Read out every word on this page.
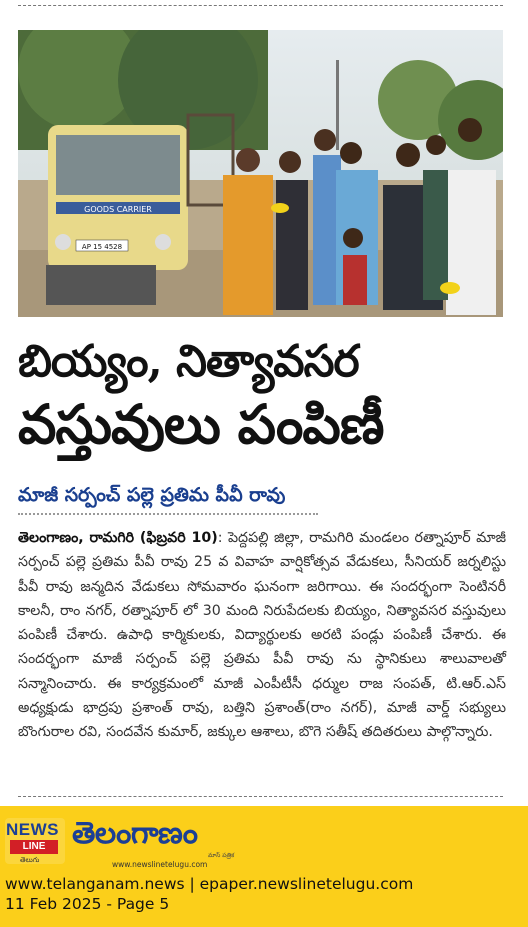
GOODS CARRIER
AP 15 4528
బియ్యం, నిత్యావసర
వస్తువులు పంపిణీ
మాజీ సర్పంచ్ పల్లె ప్రతిమ పీవీ రావు
తెలంగాణం, రామగిరి (ఫిబ్రవరి 10): పెద్దపల్లి జిల్లా, రామగిరి మండలం రత్నాపూర్ మాజీ సర్పంచ్ పల్లె ప్రతిమ పీవీ రావు 25 వ వివాహ వార్షికోత్సవ వేడుకలు, సీనియర్ జర్నలిస్టు పీవీ రావు జన్మదిన వేడుకలు సోమవారం ఘనంగా జరిగాయి. ఈ సందర్భంగా సెంటినరీ కాలనీ, రాం నగర్, రత్నాపూర్ లో 30 మంది నిరుపేదలకు బియ్యం, నిత్యావసర వస్తువులు పంపిణీ చేశారు. ఉపాధి కార్మికులకు, విద్యార్థులకు అరటి పండ్లు పంపిణీ చేశారు. ఈ సందర్భంగా మాజీ సర్పంచ్ పల్లె ప్రతిమ పీవీ రావు ను స్థానికులు శాలువాలతో సన్మానించారు. ఈ కార్యక్రమంలో మాజీ ఎంపీటీసీ ధర్ముల రాజ సంపత్, టి.ఆర్.ఎస్ అధ్యక్షుడు భాద్రపు ప్రశాంత్ రావు, బత్తిని ప్రశాంత్(రాం నగర్), మాజీ వార్డ్ సభ్యులు బొంగురాల రవి, సందవేన కుమార్, జక్కుల ఆశాలు, బొగె సతీష్ తదితరులు పాల్గొన్నారు.
NEWS
LINE
తెలుగు
తెలంగాణం
మాస్ పత్రిక
www.newslinetelugu.com
www.telanganam.news | epaper.newslinetelugu.com
11 Feb 2025 - Page 5
